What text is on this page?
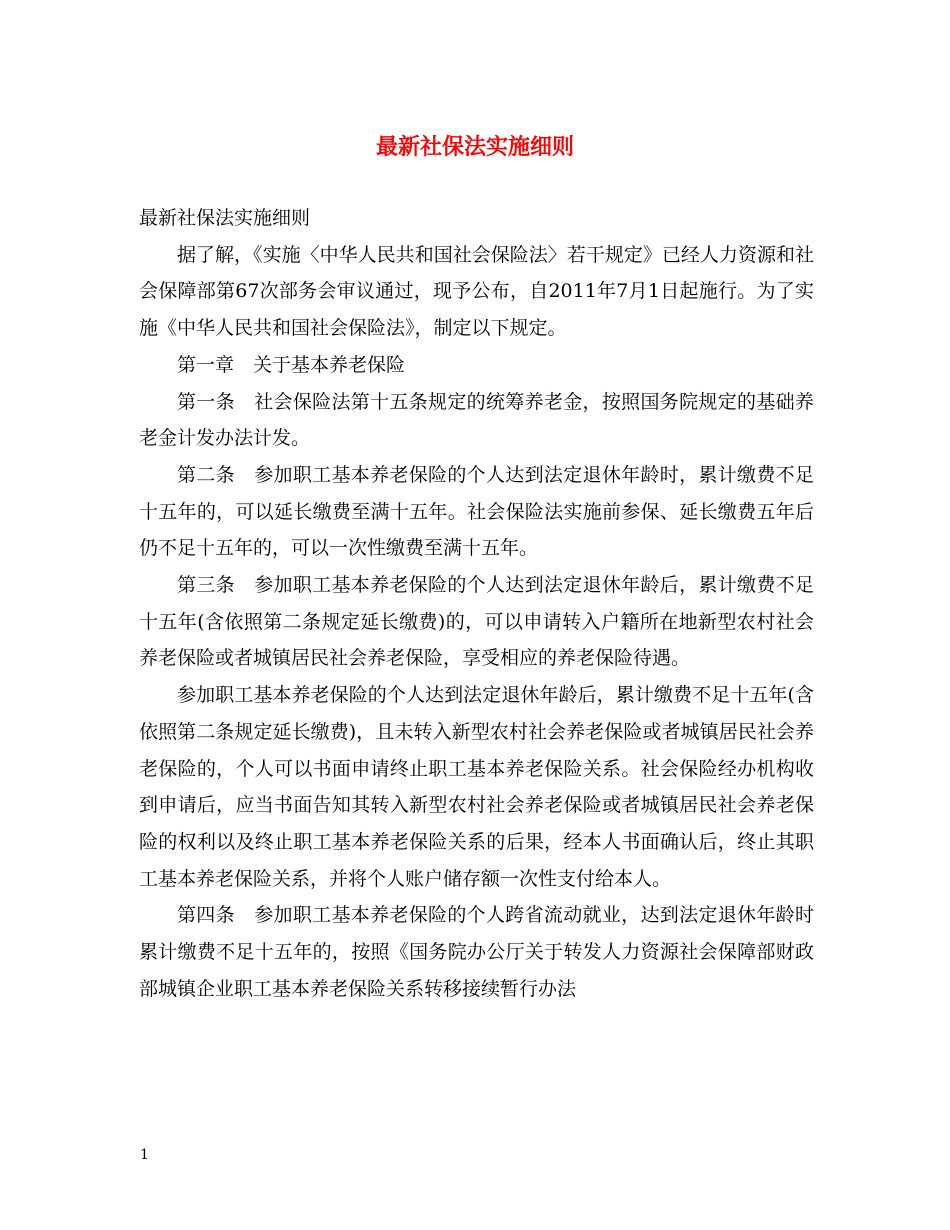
最新社保法实施细则

最新社保法实施细则

据了解，《实施〈中华人民共和国社会保险法〉若干规定》已经人力资源和社会保障部第67次部务会审议通过，现予公布，自2011年7月1日起施行。为了实施《中华人民共和国社会保险法》，制定以下规定。

第一章　关于基本养老保险

第一条　社会保险法第十五条规定的统筹养老金，按照国务院规定的基础养老金计发办法计发。

第二条　参加职工基本养老保险的个人达到法定退休年龄时，累计缴费不足十五年的，可以延长缴费至满十五年。社会保险法实施前参保、延长缴费五年后仍不足十五年的，可以一次性缴费至满十五年。

第三条　参加职工基本养老保险的个人达到法定退休年龄后，累计缴费不足十五年(含依照第二条规定延长缴费)的，可以申请转入户籍所在地新型农村社会养老保险或者城镇居民社会养老保险，享受相应的养老保险待遇。

参加职工基本养老保险的个人达到法定退休年龄后，累计缴费不足十五年(含依照第二条规定延长缴费)，且未转入新型农村社会养老保险或者城镇居民社会养老保险的，个人可以书面申请终止职工基本养老保险关系。社会保险经办机构收到申请后，应当书面告知其转入新型农村社会养老保险或者城镇居民社会养老保险的权利以及终止职工基本养老保险关系的后果，经本人书面确认后，终止其职工基本养老保险关系，并将个人账户储存额一次性支付给本人。

第四条　参加职工基本养老保险的个人跨省流动就业，达到法定退休年龄时累计缴费不足十五年的，按照《国务院办公厅关于转发人力资源社会保障部财政部城镇企业职工基本养老保险关系转移接续暂行办法

1
